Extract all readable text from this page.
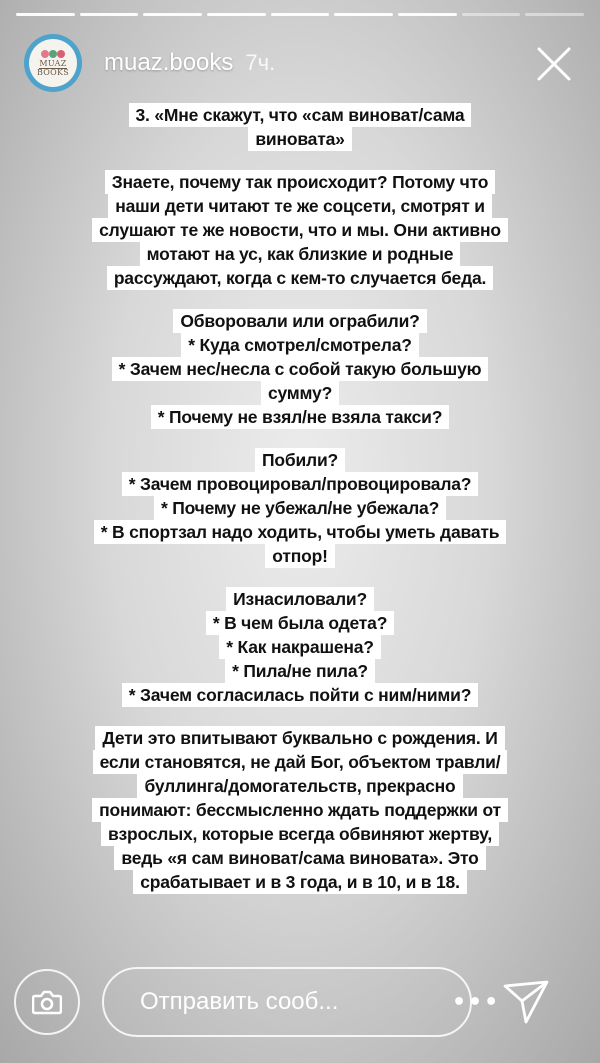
MUAZ
BOOKS muaz.books 7ч.
3. «Мне скажут, что «сам виноват/сама
виновата»
Знаете, почему так происходит? Потому что
наши дети читают те же соцсети, смотрят и
слушают те же новости, что и мы. Они активно
мотают на ус, как близкие и родные
рассуждают, когда с кем-то случается беда.
Обворовали или ограбили?
* Куда смотрел/смотрела?
* Зачем нес/несла с собой такую большую
сумму?
* Почему не взял/не взяла такси?
Побили?
* Зачем провоцировал/провоцировала?
* Почему не убежал/не убежала?
* В спортзал надо ходить, чтобы уметь давать
отпор!
Изнасиловали?
* В чем была одета?
* Как накрашена?
* Пила/не пила?
* Зачем согласилась пойти с ним/ними?
Дети это впитывают буквально с рождения. И
если становятся, не дай Бог, объектом травли/
буллинга/домогательств, прекрасно
понимают: бессмысленно ждать поддержки от
взрослых, которые всегда обвиняют жертву,
ведь «я сам виноват/сама виновата». Это
срабатывает и в 3 года, и в 10, и в 18.
Отправить сооб...
•••
